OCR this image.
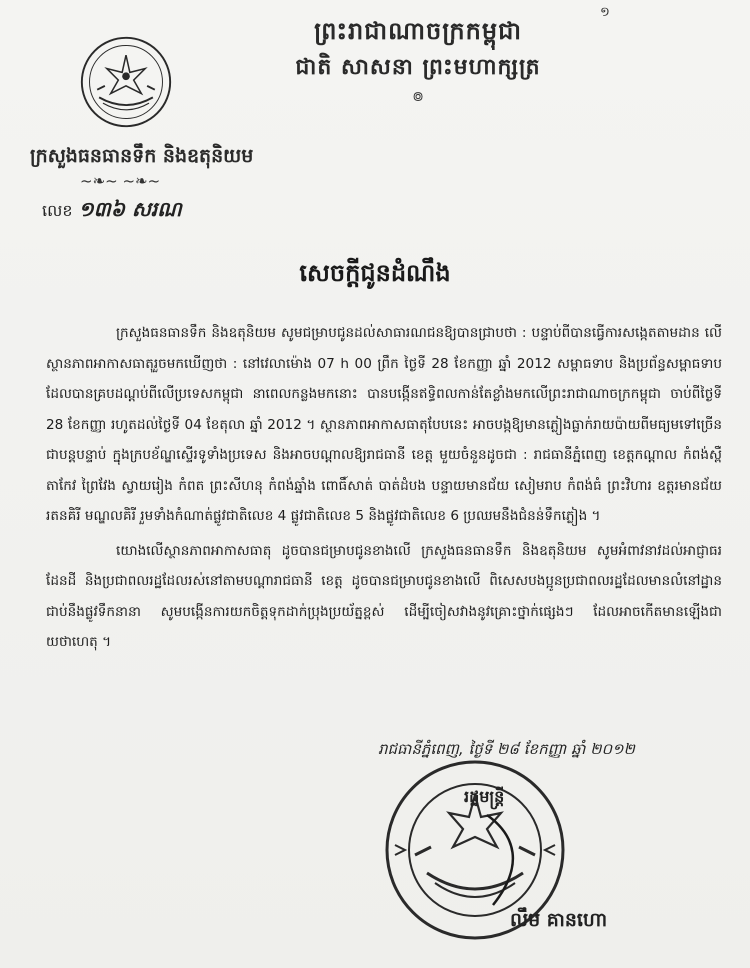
១
ព្រះរាជាណាចក្រកម្ពុជា
ជាតិ សាសនា ព្រះមហាក្សត្រ
៙
ក្រសួងធនធានទឹក និងឧតុនិយម
~❧~ ~❧~
លេខ ១៣៦ សរណ
សេចក្តីជូនដំណឹង

ក្រសួងធនធានទឹក និងឧតុនិយម សូមជម្រាបជូនដល់សាធារណជនឱ្យបានជ្រាបថា : បន្ទាប់ពីបានធ្វើការសង្កេតតាមដាន លើស្ថានភាពអាកាសធាតុរួចមកឃើញថា : នៅវេលាម៉ោង 07 h 00 ព្រឹក ថ្ងៃទី 28 ខែកញ្ញា ឆ្នាំ 2012 សម្ពាធទាប និងប្រព័ន្ធសម្ពាធទាប ដែលបានគ្របដណ្តប់ពីលើប្រទេសកម្ពុជា នាពេលកន្លងមកនោះ បានបង្កើនឥទ្ធិពលកាន់តែខ្លាំងមកលើព្រះរាជាណាចក្រកម្ពុជា ចាប់ពីថ្ងៃទី 28 ខែកញ្ញា រហូតដល់ថ្ងៃទី 04 ខែតុលា ឆ្នាំ 2012 ។ ស្ថានភាពអាកាសធាតុបែបនេះ អាចបង្កឱ្យមានភ្លៀងធ្លាក់រាយប៉ាយពីមធ្យមទៅច្រើនជាបន្តបន្ទាប់ ក្នុងក្របខ័ណ្ឌស្ទើរទូទាំងប្រទេស និងអាចបណ្តាលឱ្យរាជធានី ខេត្ត មួយចំនួនដូចជា : រាជធានីភ្នំពេញ ខេត្តកណ្តាល កំពង់ស្ពឺ តាកែវ ព្រៃវែង ស្វាយរៀង កំពត ព្រះសីហនុ កំពង់ឆ្នាំង ពោធិ៍សាត់ បាត់ដំបង បន្ទាយមានជ័យ សៀមរាប កំពង់ធំ ព្រះវិហារ ឧត្តរមានជ័យ រតនគិរី មណ្ឌលគិរី រួមទាំងកំណាត់ផ្លូវជាតិលេខ 4 ផ្លូវជាតិលេខ 5 និងផ្លូវជាតិលេខ 6 ប្រឈមនឹងជំនន់ទឹកភ្លៀង ។

យោងលើស្ថានភាពអាកាសធាតុ ដូចបានជម្រាបជូនខាងលើ ក្រសួងធនធានទឹក និងឧតុនិយម សូមអំពាវនាវដល់អាជ្ញាធរដែនដី និងប្រជាពលរដ្ឋដែលរស់នៅតាមបណ្តារាជធានី ខេត្ត ដូចបានជម្រាបជូនខាងលើ ពិសេសបងប្អូនប្រជាពលរដ្ឋដែលមានលំនៅដ្ឋានជាប់នឹងផ្លូវទឹកនានា សូមបង្កើនការយកចិត្តទុកដាក់ប្រុងប្រយ័ត្នខ្ពស់ ដើម្បីចៀសវាងនូវគ្រោះថ្នាក់ផ្សេងៗ ដែលអាចកើតមានឡើងជាយថាហេតុ ។

រាជធានីភ្នំពេញ, ថ្ងៃទី ២៨ ខែកញ្ញា ឆ្នាំ ២០១២
រដ្ឋមន្ត្រី
លឹម គានហោ
